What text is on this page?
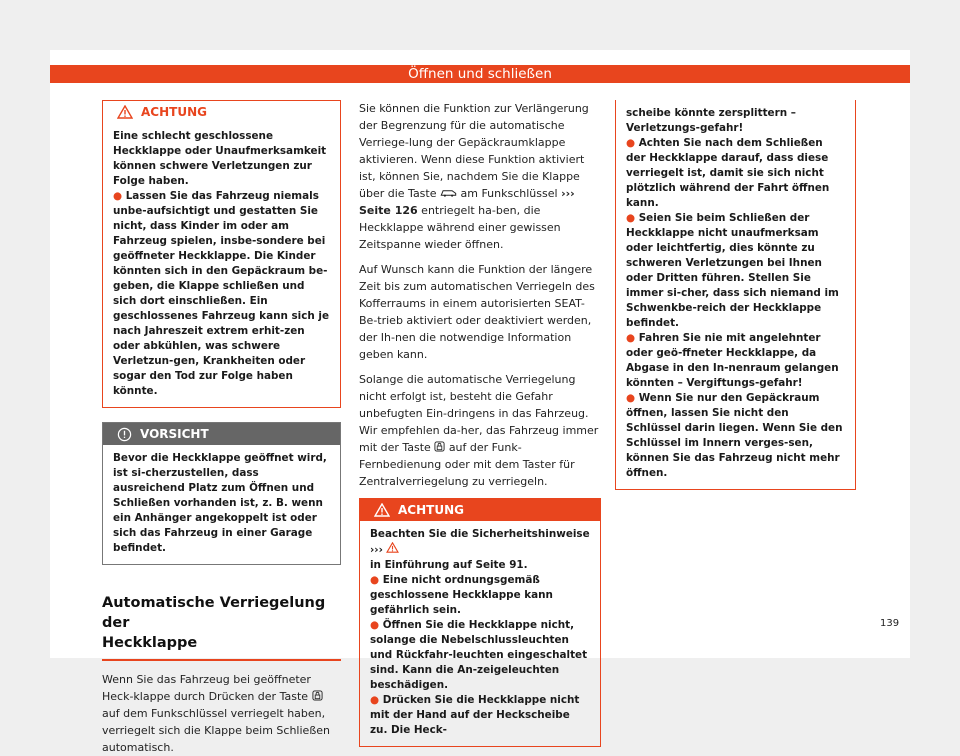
Öffnen und schließen
ACHTUNG

Eine schlecht geschlossene Heckklappe oder Unaufmerksamkeit können schwere Verletzungen zur Folge haben.

● Lassen Sie das Fahrzeug niemals unbe-aufsichtigt und gestatten Sie nicht, dass Kinder im oder am Fahrzeug spielen, insbe-sondere bei geöffneter Heckklappe. Die Kinder könnten sich in den Gepäckraum be-geben, die Klappe schließen und sich dort einschließen. Ein geschlossenes Fahrzeug kann sich je nach Jahreszeit extrem erhit-zen oder abkühlen, was schwere Verletzun-gen, Krankheiten oder sogar den Tod zur Folge haben könnte.

VORSICHT

Bevor die Heckklappe geöffnet wird, ist si-cherzustellen, dass ausreichend Platz zum Öffnen und Schließen vorhanden ist, z. B. wenn ein Anhänger angekoppelt ist oder sich das Fahrzeug in einer Garage befindet.

Automatische Verriegelung der
Heckklappe
Wenn Sie das Fahrzeug bei geöffneter Heck-klappe durch Drücken der Taste  auf dem Funkschlüssel verriegelt haben, verriegelt sich die Klappe beim Schließen automatisch.

Sie können die Funktion zur Verlängerung der Begrenzung für die automatische Verriege-lung der Gepäckraumklappe aktivieren. Wenn diese Funktion aktiviert ist, können Sie, nachdem Sie die Klappe über die Taste am Funkschlüssel ››› Seite 126 entriegelt ha-ben, die Heckklappe während einer gewissen Zeitspanne wieder öffnen.

Auf Wunsch kann die Funktion der längere Zeit bis zum automatischen Verriegeln des Kofferraums in einem autorisierten SEAT-Be-trieb aktiviert oder deaktiviert werden, der Ih-nen die notwendige Information geben kann.

Solange die automatische Verriegelung nicht erfolgt ist, besteht die Gefahr unbefugten Ein-dringens in das Fahrzeug. Wir empfehlen da-her, das Fahrzeug immer mit der Taste auf der Funk-Fernbedienung oder mit dem Taster für Zentralverriegelung zu verriegeln.

ACHTUNG

Beachten Sie die Sicherheitshinweise ›››
in Einführung auf Seite 91.

● Eine nicht ordnungsgemäß geschlossene Heckklappe kann gefährlich sein.

● Öffnen Sie die Heckklappe nicht, solange die Nebelschlussleuchten und Rückfahr-leuchten eingeschaltet sind. Kann die An-zeigeleuchten beschädigen.

● Drücken Sie die Heckklappe nicht mit der Hand auf der Heckscheibe zu. Die Heck-

scheibe könnte zersplittern – Verletzungs-gefahr!

● Achten Sie nach dem Schließen der Heckklappe darauf, dass diese verriegelt ist, damit sie sich nicht plötzlich während der Fahrt öffnen kann.

● Seien Sie beim Schließen der Heckklappe nicht unaufmerksam oder leichtfertig, dies könnte zu schweren Verletzungen bei Ihnen oder Dritten führen. Stellen Sie immer si-cher, dass sich niemand im Schwenkbe-reich der Heckklappe befindet.

● Fahren Sie nie mit angelehnter oder geö-ffneter Heckklappe, da Abgase in den In-nenraum gelangen könnten – Vergiftungs-gefahr!

● Wenn Sie nur den Gepäckraum öffnen, lassen Sie nicht den Schlüssel darin liegen. Wenn Sie den Schlüssel im Innern verges-sen, können Sie das Fahrzeug nicht mehr öffnen.

139
